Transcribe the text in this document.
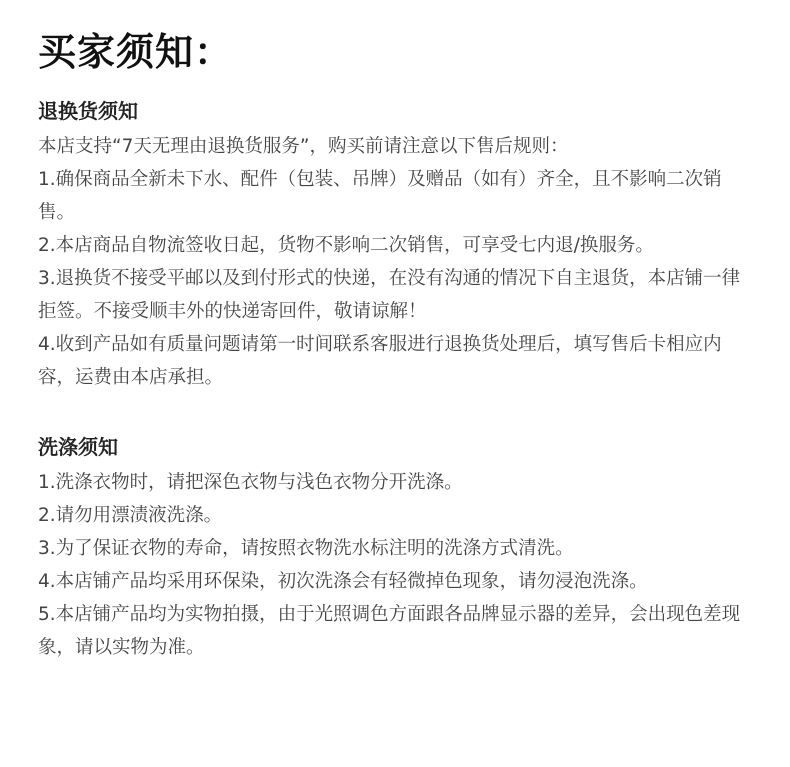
买家须知：
退换货须知

本店支持“7天无理由退换货服务”，购买前请注意以下售后规则：

1.确保商品全新未下水、配件（包装、吊牌）及赠品（如有）齐全，且不影响二次销售。

2.本店商品自物流签收日起，货物不影响二次销售，可享受七内退/换服务。

3.退换货不接受平邮以及到付形式的快递，在没有沟通的情况下自主退货，本店铺一律拒签。不接受顺丰外的快递寄回件，敬请谅解！

4.收到产品如有质量问题请第一时间联系客服进行退换货处理后，填写售后卡相应内容，运费由本店承担。

洗涤须知

1.洗涤衣物时，请把深色衣物与浅色衣物分开洗涤。

2.请勿用漂渍液洗涤。

3.为了保证衣物的寿命，请按照衣物洗水标注明的洗涤方式清洗。

4.本店铺产品均采用环保染，初次洗涤会有轻微掉色现象，请勿浸泡洗涤。

5.本店铺产品均为实物拍摄，由于光照调色方面跟各品牌显示器的差异，会出现色差现象，请以实物为准。
